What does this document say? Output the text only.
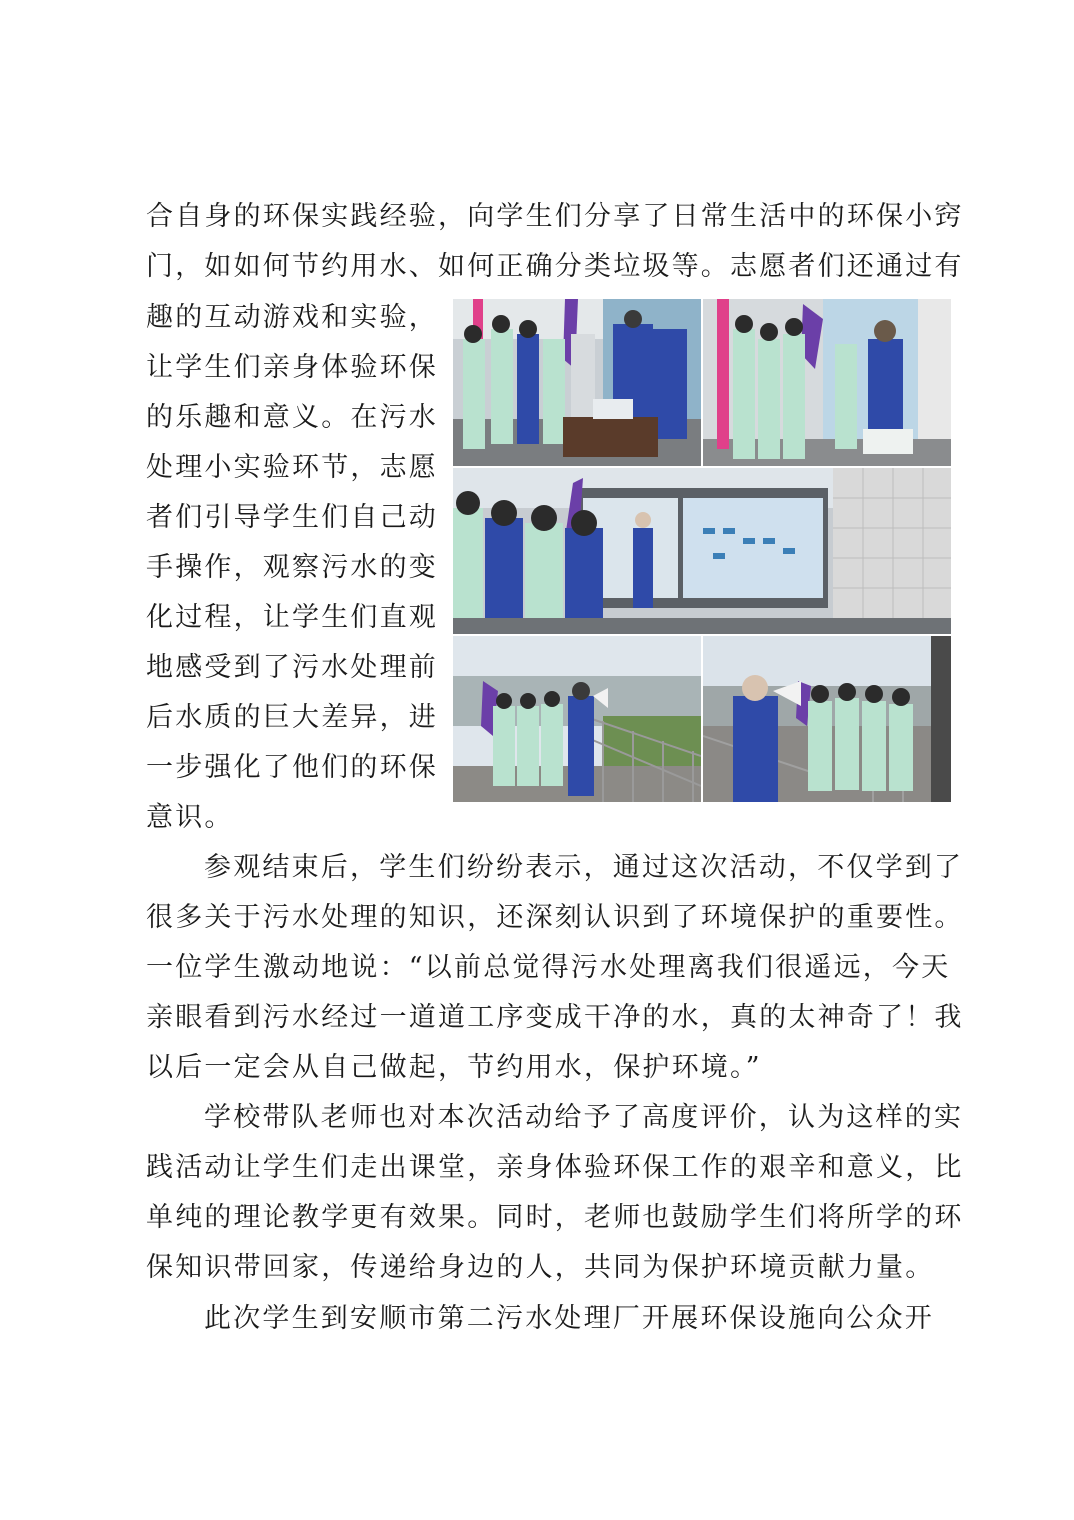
合自身的环保实践经验，向学生们分享了日常生活中的环保小窍
门，如如何节约用水、如何正确分类垃圾等。志愿者们还通过有
趣的互动游戏和实验，
让学生们亲身体验环保
的乐趣和意义。在污水
处理小实验环节，志愿
者们引导学生们自己动
手操作，观察污水的变
化过程，让学生们直观
地感受到了污水处理前
后水质的巨大差异，进
一步强化了他们的环保
意识。
参观结束后，学生们纷纷表示，通过这次活动，不仅学到了
很多关于污水处理的知识，还深刻认识到了环境保护的重要性。
一位学生激动地说：“以前总觉得污水处理离我们很遥远，今天
亲眼看到污水经过一道道工序变成干净的水，真的太神奇了！我
以后一定会从自己做起，节约用水，保护环境。”
学校带队老师也对本次活动给予了高度评价，认为这样的实
践活动让学生们走出课堂，亲身体验环保工作的艰辛和意义，比
单纯的理论教学更有效果。同时，老师也鼓励学生们将所学的环
保知识带回家，传递给身边的人，共同为保护环境贡献力量。
此次学生到安顺市第二污水处理厂开展环保设施向公众开
